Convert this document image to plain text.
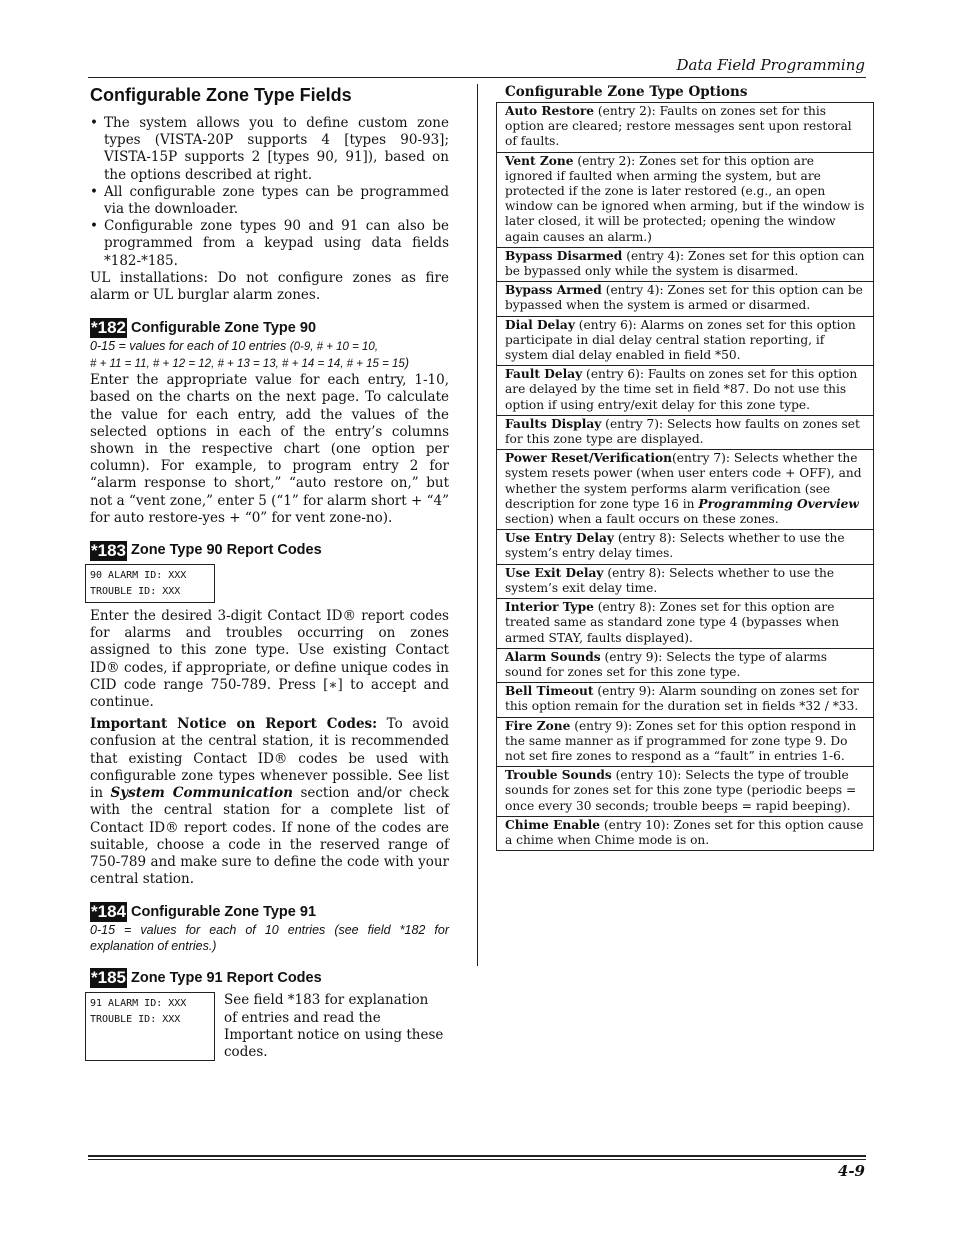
Data Field Programming
Configurable Zone Type Fields
• The system allows you to define custom zone types (VISTA-20P supports 4 [types 90-93]; VISTA-15P supports 2 [types 90, 91]), based on the options described at right.
• All configurable zone types can be programmed via the downloader.
• Configurable zone types 90 and 91 can also be programmed from a keypad using data fields *182-*185.

UL installations: Do not configure zones as fire alarm or UL burglar alarm zones.

*182 Configurable Zone Type 90
0-15 = values for each of 10 entries (0-9, # + 10 = 10,
# + 11 = 11, # + 12 = 12, # + 13 = 13, # + 14 = 14, # + 15 = 15)

Enter the appropriate value for each entry, 1-10, based on the charts on the next page. To calculate the value for each entry, add the values of the selected options in each of the entry’s columns shown in the respective chart (one option per column). For example, to program entry 2 for “alarm response to short,” “auto restore on,” but not a “vent zone,” enter 5 (“1” for alarm short + “4” for auto restore-yes + “0” for vent zone-no).

*183 Zone Type 90 Report Codes
90 ALARM ID: XXX
TROUBLE ID: XXX

Enter the desired 3-digit Contact ID® report codes for alarms and troubles occurring on zones assigned to this zone type. Use existing Contact ID® codes, if appropriate, or define unique codes in CID code range 750-789. Press [∗] to accept and continue.

Important Notice on Report Codes: To avoid confusion at the central station, it is recommended that existing Contact ID® codes be used with configurable zone types whenever possible. See list in System Communication section and/or check with the central station for a complete list of Contact ID® report codes. If none of the codes are suitable, choose a code in the reserved range of 750-789 and make sure to define the code with your central station.

*184 Configurable Zone Type 91
0-15 = values for each of 10 entries (see field *182 for explanation of entries.)
*185 Zone Type 91 Report Codes
91 ALARM ID: XXX
TROUBLE ID: XXX
See field *183 for explanation of entries and read the Important notice on using these codes.
Configurable Zone Type Options
Auto Restore (entry 2): Faults on zones set for this option are cleared; restore messages sent upon restoral of faults.
Vent Zone (entry 2): Zones set for this option are ignored if faulted when arming the system, but are protected if the zone is later restored (e.g., an open window can be ignored when arming, but if the window is later closed, it will be protected; opening the window again causes an alarm.)
Bypass Disarmed (entry 4): Zones set for this option can be bypassed only while the system is disarmed.
Bypass Armed (entry 4): Zones set for this option can be bypassed when the system is armed or disarmed.
Dial Delay (entry 6): Alarms on zones set for this option participate in dial delay central station reporting, if system dial delay enabled in field *50.
Fault Delay (entry 6): Faults on zones set for this option are delayed by the time set in field *87. Do not use this option if using entry/exit delay for this zone type.
Faults Display (entry 7): Selects how faults on zones set for this zone type are displayed.
Power Reset/Verification(entry 7): Selects whether the system resets power (when user enters code + OFF), and whether the system performs alarm verification (see description for zone type 16 in Programming Overview section) when a fault occurs on these zones.
Use Entry Delay (entry 8): Selects whether to use the system’s entry delay times.
Use Exit Delay (entry 8): Selects whether to use the system’s exit delay time.
Interior Type (entry 8): Zones set for this option are treated same as standard zone type 4 (bypasses when armed STAY, faults displayed).
Alarm Sounds (entry 9): Selects the type of alarms sound for zones set for this zone type.
Bell Timeout (entry 9): Alarm sounding on zones set for this option remain for the duration set in fields *32 / *33.
Fire Zone (entry 9): Zones set for this option respond in the same manner as if programmed for zone type 9. Do not set fire zones to respond as a “fault” in entries 1-6.
Trouble Sounds (entry 10): Selects the type of trouble sounds for zones set for this zone type (periodic beeps = once every 30 seconds; trouble beeps = rapid beeping).
Chime Enable (entry 10): Zones set for this option cause a chime when Chime mode is on.
4-9
